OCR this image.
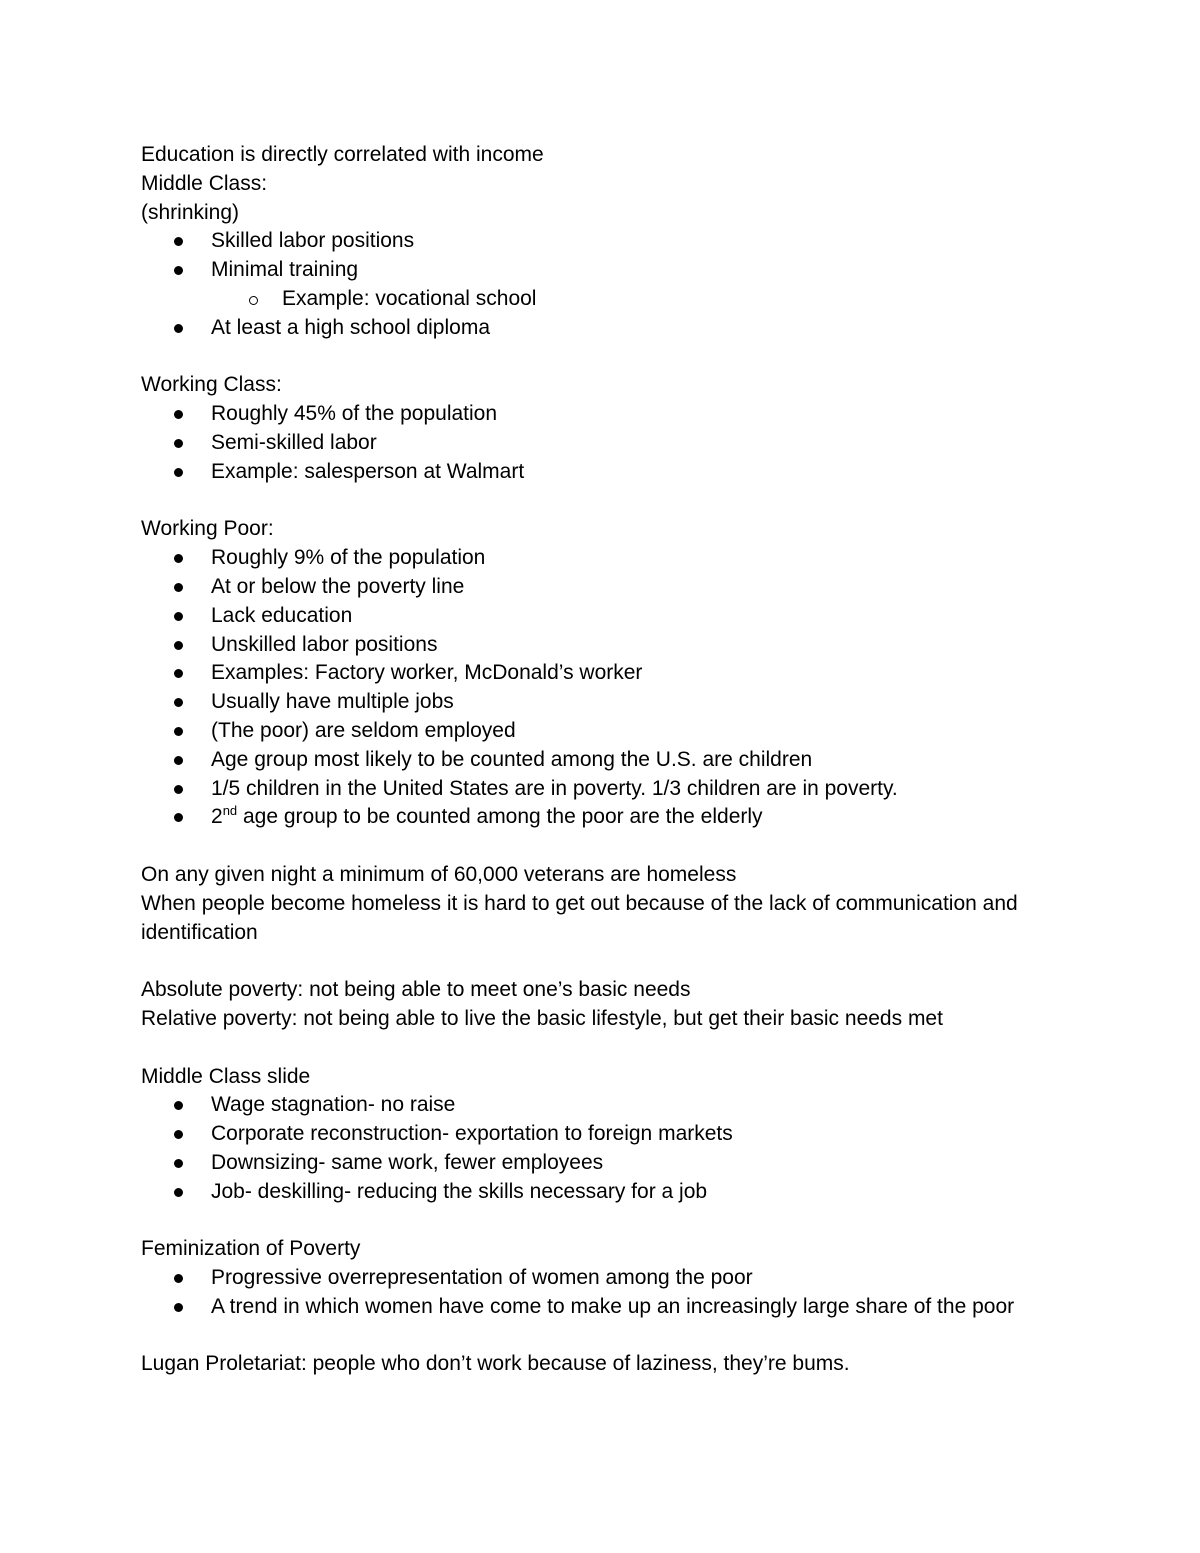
Education is directly correlated with income

Middle Class:

(shrinking)

Skilled labor positions
Minimal training
Example: vocational school
At least a high school diploma

Working Class:

Roughly 45% of the population
Semi-skilled labor
Example: salesperson at Walmart

Working Poor:

Roughly 9% of the population
At or below the poverty line
Lack education
Unskilled labor positions
Examples: Factory worker, McDonald’s worker
Usually have multiple jobs
(The poor) are seldom employed
Age group most likely to be counted among the U.S. are children
1/5 children in the United States are in poverty. 1/3 children are in poverty.
2nd age group to be counted among the poor are the elderly

On any given night a minimum of 60,000 veterans are homeless

When people become homeless it is hard to get out because of the lack of communication and identification

Absolute poverty: not being able to meet one’s basic needs

Relative poverty: not being able to live the basic lifestyle, but get their basic needs met

Middle Class slide

Wage stagnation- no raise
Corporate reconstruction- exportation to foreign markets
Downsizing- same work, fewer employees
Job- deskilling- reducing the skills necessary for a job

Feminization of Poverty

Progressive overrepresentation of women among the poor
A trend in which women have come to make up an increasingly large share of the poor

Lugan Proletariat: people who don’t work because of laziness, they’re bums.
